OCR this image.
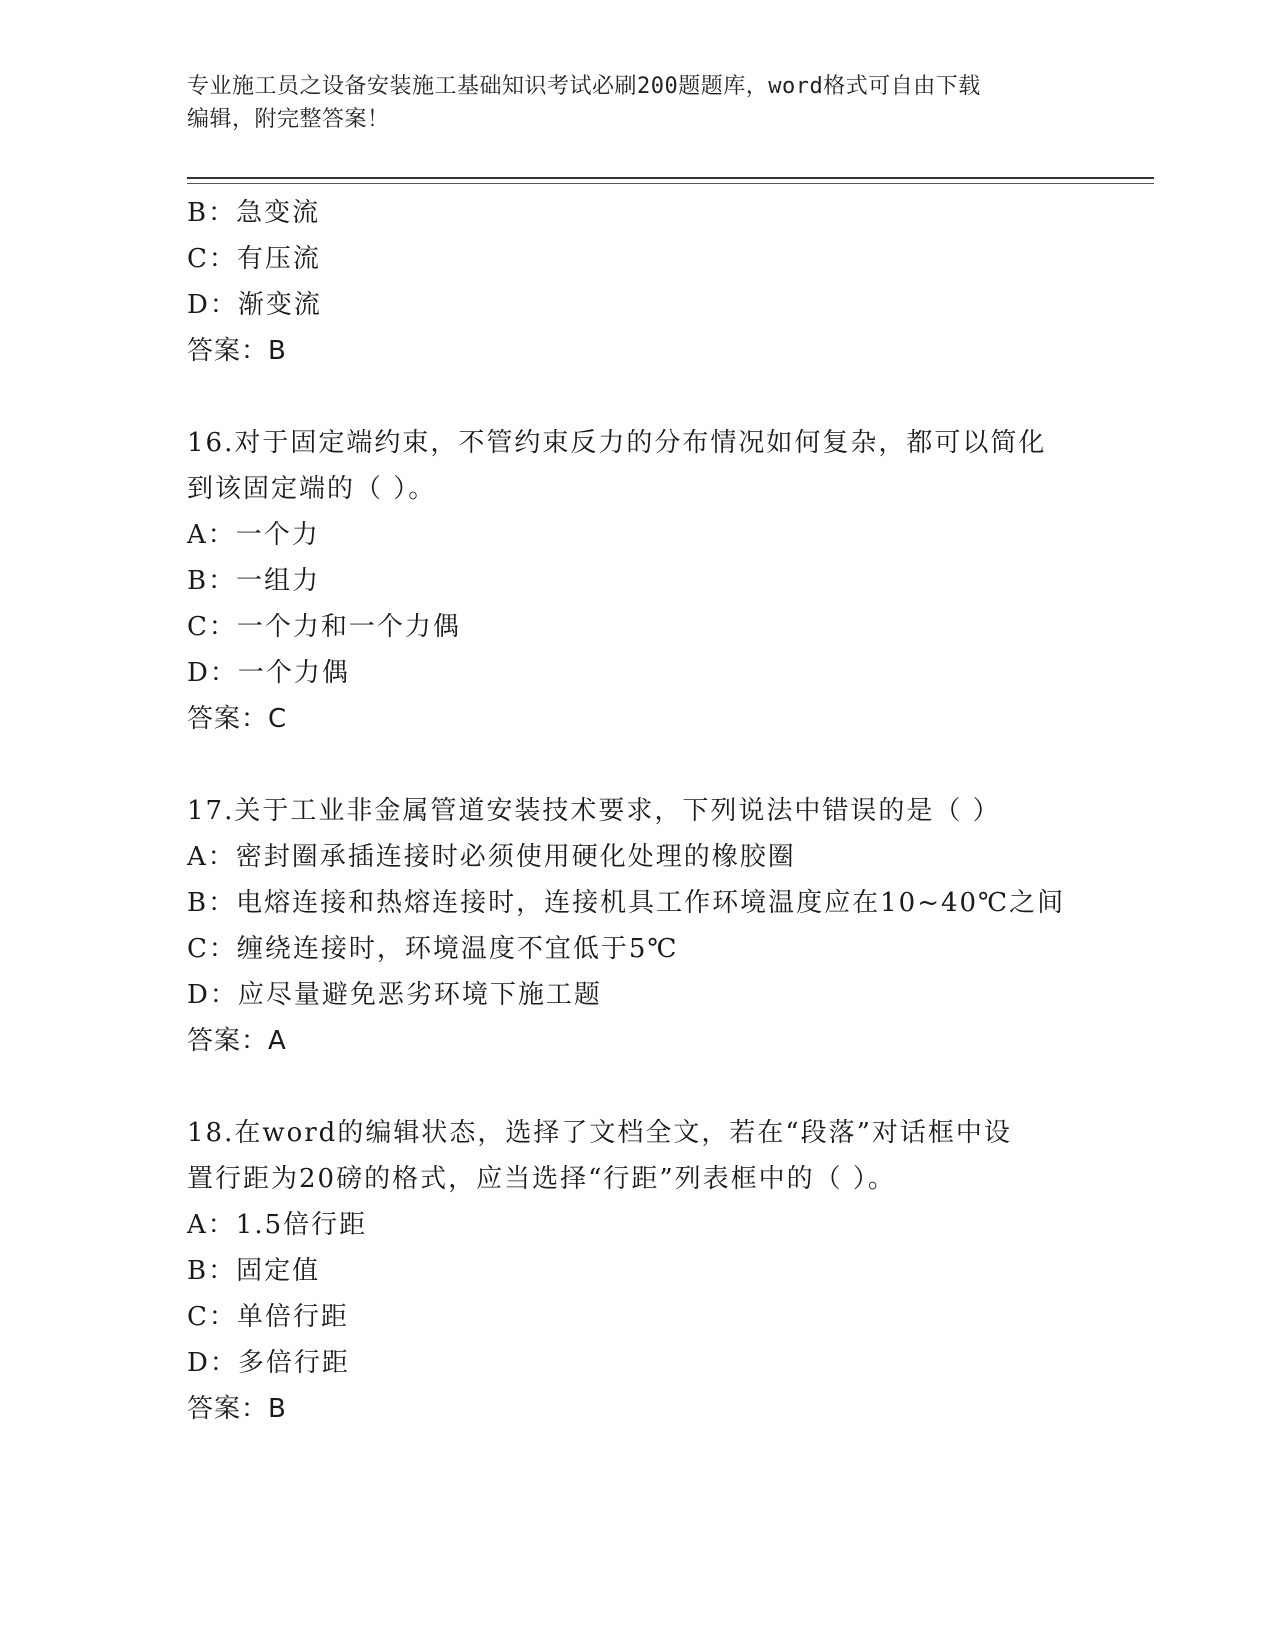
专业施工员之设备安装施工基础知识考试必刷200题题库，word格式可自由下载
编辑，附完整答案！
B：急变流
C：有压流
D：渐变流
答案：B
16.对于固定端约束，不管约束反力的分布情况如何复杂，都可以简化
到该固定端的（ ）。
A：一个力
B：一组力
C：一个力和一个力偶
D：一个力偶
答案：C
17.关于工业非金属管道安装技术要求，下列说法中错误的是（ ）
A：密封圈承插连接时必须使用硬化处理的橡胶圈
B：电熔连接和热熔连接时，连接机具工作环境温度应在10~40℃之间
C：缠绕连接时，环境温度不宜低于5℃
D：应尽量避免恶劣环境下施工题
答案：A
18.在word的编辑状态，选择了文档全文，若在“段落”对话框中设
置行距为20磅的格式，应当选择“行距”列表框中的（ ）。
A：1.5倍行距
B：固定值
C：单倍行距
D：多倍行距
答案：B
